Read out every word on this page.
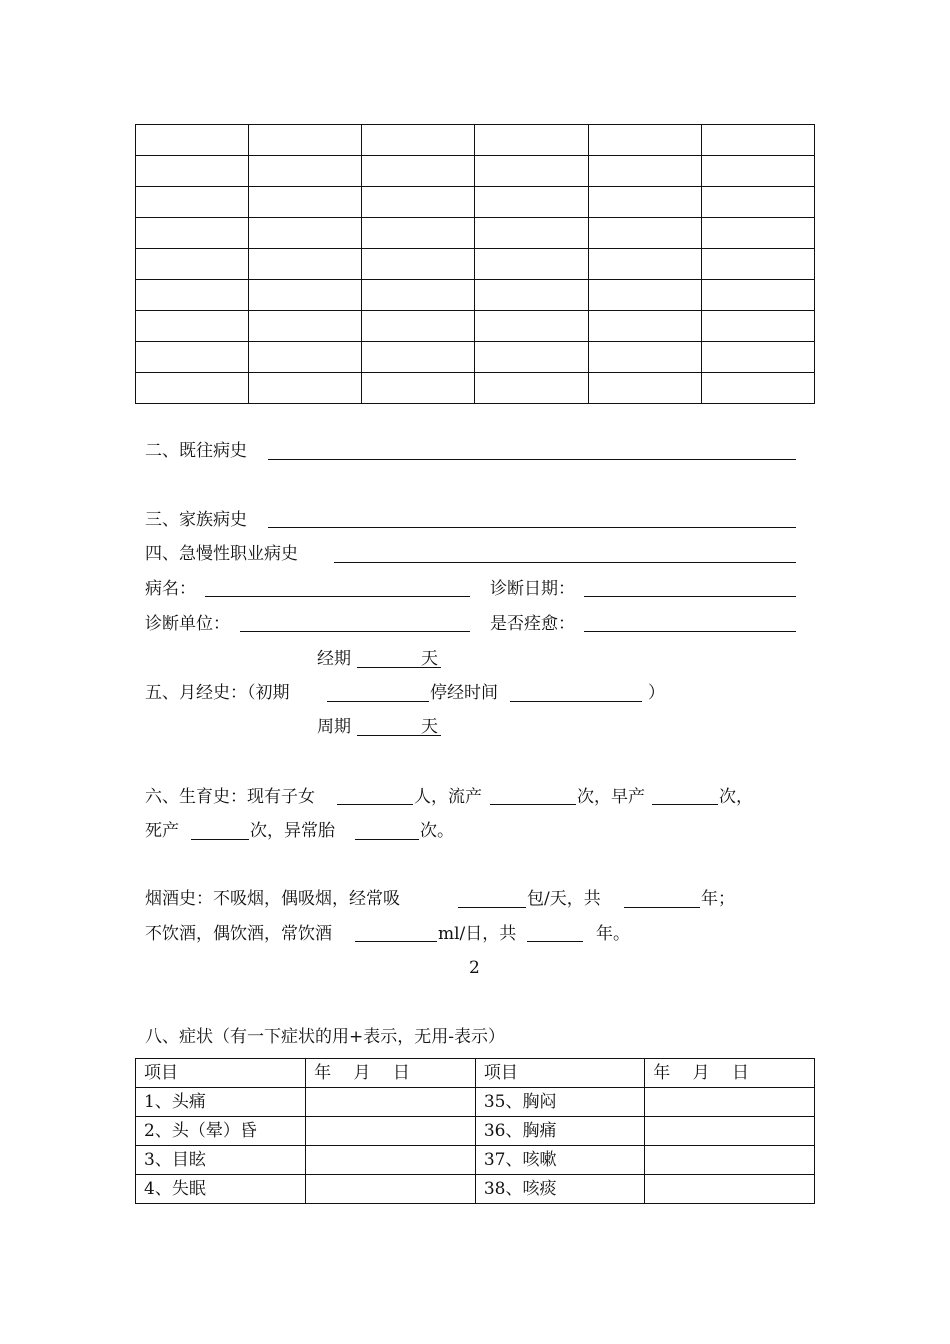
二、既往病史
三、家族病史
四、急慢性职业病史
病名：	诊断日期：
诊断单位：	是否痊愈：
经期	天
五、月经史：（初期	停经时间	）
周期	天
六、生育史：现有子女	人，流产	次，早产	次，
死产	次，异常胎	次。
烟酒史：不吸烟，偶吸烟，经常吸	包/天，共	年；
不饮酒，偶饮酒，常饮酒	ml/日，共	年。
2
八、症状（有一下症状的用+表示，无用-表示）
项目	年　 月　 日	项目	年　 月　 日
1、头痛		35、胸闷	
2、头（晕）昏		36、胸痛	
3、目眩		37、咳嗽	
4、失眠		38、咳痰	
